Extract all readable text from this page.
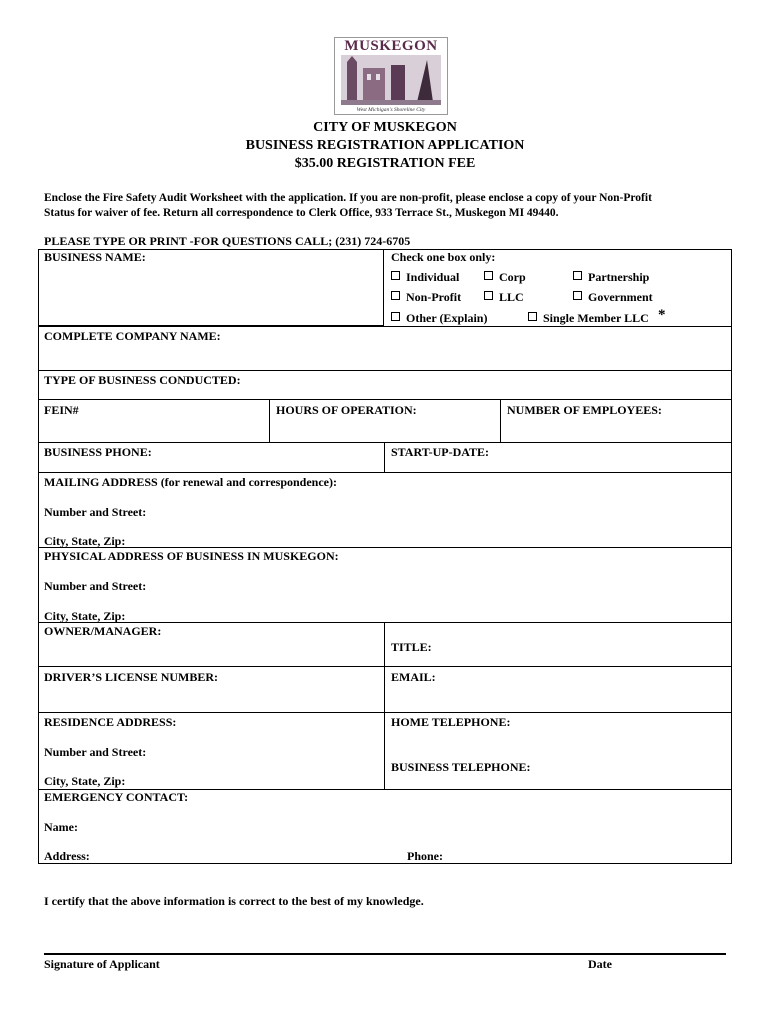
MUSKEGON
West Michigan's Shoreline City
CITY OF MUSKEGON
BUSINESS REGISTRATION APPLICATION
$35.00 REGISTRATION FEE
Enclose the Fire Safety Audit Worksheet with the application. If you are non-profit, please enclose a copy of your Non-Profit
Status for waiver of fee. Return all correspondence to Clerk Office, 933 Terrace St., Muskegon MI 49440.
PLEASE TYPE OR PRINT -FOR QUESTIONS CALL; (231) 724-6705
BUSINESS NAME:	Check one box only:
Individual	Corp	Partnership
Non-Profit	LLC	Government
Other (Explain)	Single Member LLC *
COMPLETE COMPANY NAME:
TYPE OF BUSINESS CONDUCTED:
FEIN#	HOURS OF OPERATION:	NUMBER OF EMPLOYEES:
BUSINESS PHONE:	START-UP-DATE:
MAILING ADDRESS (for renewal and correspondence):
Number and Street:
City, State, Zip:
PHYSICAL ADDRESS OF BUSINESS IN MUSKEGON:
Number and Street:
City, State, Zip:
OWNER/MANAGER:
TITLE:
DRIVER’S LICENSE NUMBER:	EMAIL:
RESIDENCE ADDRESS:	HOME TELEPHONE:
Number and Street:
BUSINESS TELEPHONE:
City, State, Zip:
EMERGENCY CONTACT:
Name:
Address:	Phone:
I certify that the above information is correct to the best of my knowledge.
Signature of Applicant	Date
